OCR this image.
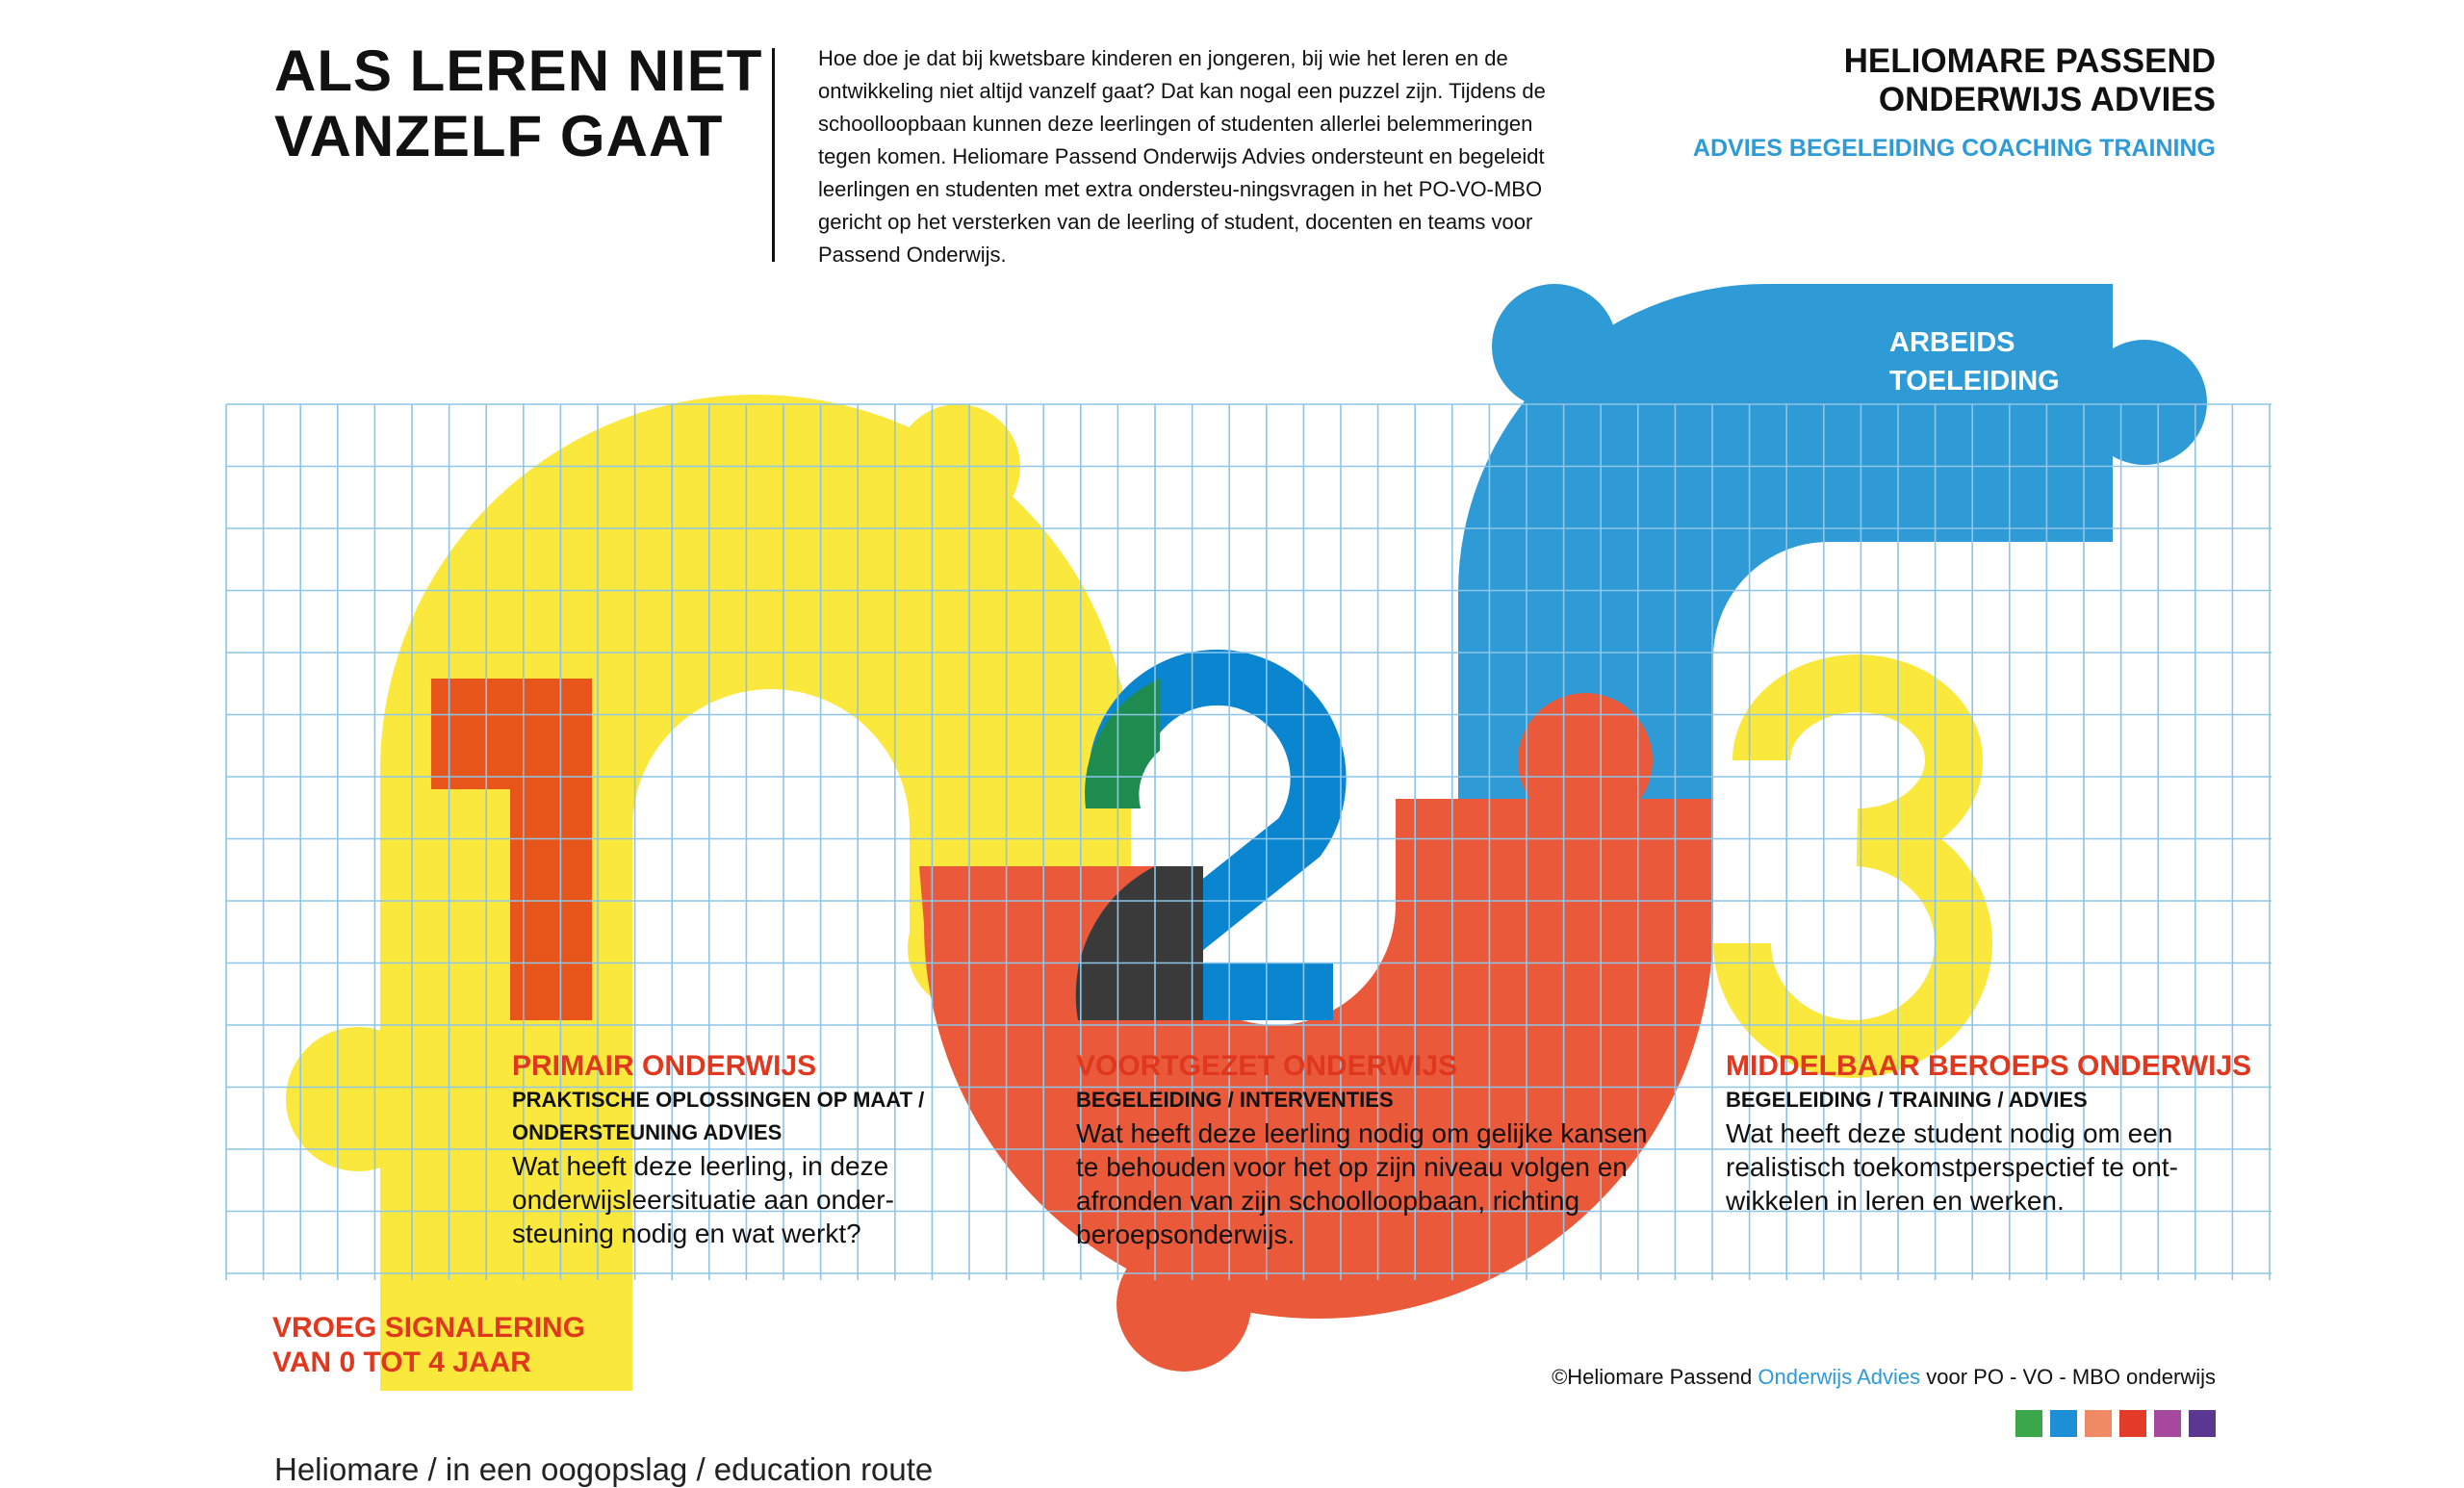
ALS LEREN NIET
VANZELF GAAT
Hoe doe je dat bij kwetsbare kinderen en jongeren, bij wie het leren en de ontwikkeling niet altijd vanzelf gaat? Dat kan nogal een puzzel zijn. Tijdens de schoolloopbaan kunnen deze leerlingen of studenten allerlei belemmeringen tegen komen. Heliomare Passend Onderwijs Advies ondersteunt en begeleidt leerlingen en studenten met extra ondersteu-ningsvragen in het PO-VO-MBO gericht op het versterken van de leerling of student, docenten en teams voor Passend Onderwijs.
HELIOMARE PASSEND
ONDERWIJS ADVIES
ADVIES BEGELEIDING COACHING TRAINING
ARBEIDS
TOELEIDING
PRIMAIR ONDERWIJS
PRAKTISCHE OPLOSSINGEN OP MAAT /
ONDERSTEUNING ADVIES
Wat heeft deze leerling, in deze onderwijsleersituatie aan onder-steuning nodig en wat werkt?
VOORTGEZET ONDERWIJS
BEGELEIDING / INTERVENTIES
Wat heeft deze leerling nodig om gelijke kansen te behouden voor het op zijn niveau volgen en afronden van zijn schoolloopbaan, richting beroepsonderwijs.
MIDDELBAAR BEROEPS ONDERWIJS
BEGELEIDING / TRAINING / ADVIES
Wat heeft deze student nodig om een realistisch toekomstperspectief te ont-wikkelen in leren en werken.
VROEG SIGNALERING
VAN 0 TOT 4 JAAR	©Heliomare Passend Onderwijs Advies voor PO - VO - MBO onderwijs
Heliomare / in een oogopslag / education route
